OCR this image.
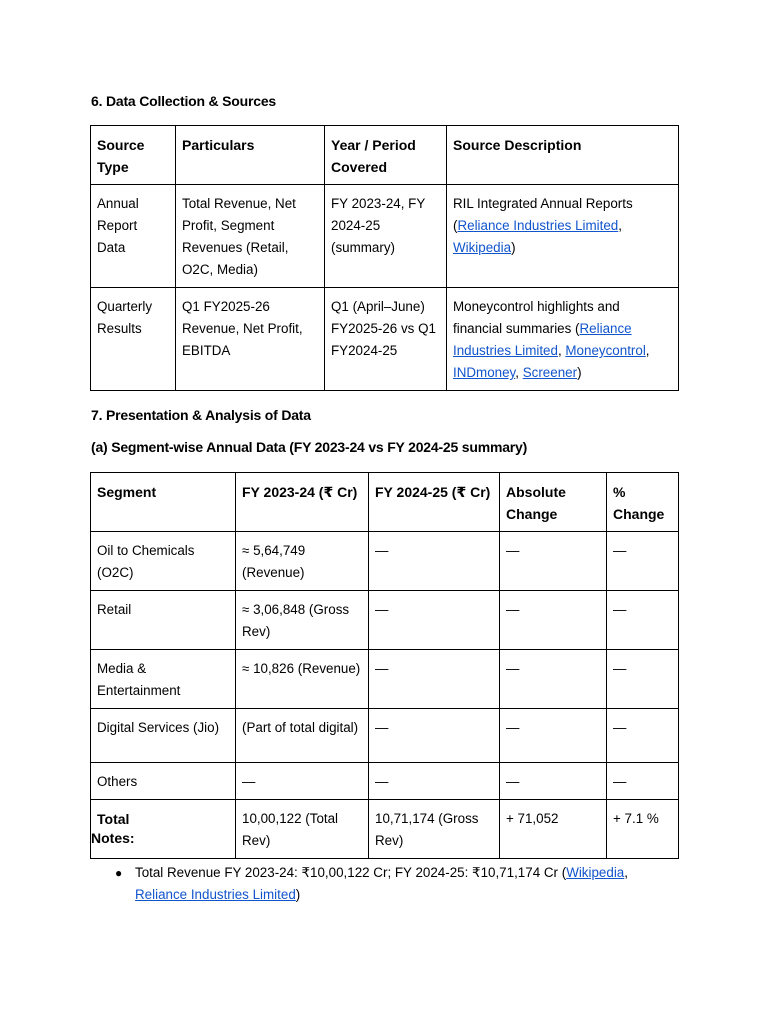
6. Data Collection & Sources
Source Type	Particulars	Year / Period Covered	Source Description
Annual Report Data	Total Revenue, Net Profit, Segment Revenues (Retail, O2C, Media)	FY 2023-24, FY 2024-25 (summary)	RIL Integrated Annual Reports (Reliance Industries Limited, Wikipedia)
Quarterly Results	Q1 FY2025-26 Revenue, Net Profit, EBITDA	Q1 (April–June) FY2025-26 vs Q1 FY2024-25	Moneycontrol highlights and financial summaries (Reliance Industries Limited, Moneycontrol, INDmoney, Screener)
7. Presentation & Analysis of Data
(a) Segment-wise Annual Data (FY 2023-24 vs FY 2024-25 summary)
Segment	FY 2023-24 (₹ Cr)	FY 2024-25 (₹ Cr)	Absolute Change	% Change
Oil to Chemicals (O2C)	≈ 5,64,749 (Revenue)	—	—	—
Retail	≈ 3,06,848 (Gross Rev)	—	—	—
Media & Entertainment	≈ 10,826 (Revenue)	—	—	—
Digital Services (Jio)	(Part of total digital)	—	—	—
Others	—	—	—	—
Total	10,00,122 (Total Rev)	10,71,174 (Gross Rev)	+ 71,052	+ 7.1 %
Notes:
● Total Revenue FY 2023-24: ₹10,00,122 Cr; FY 2024-25: ₹10,71,174 Cr (Wikipedia, Reliance Industries Limited)
